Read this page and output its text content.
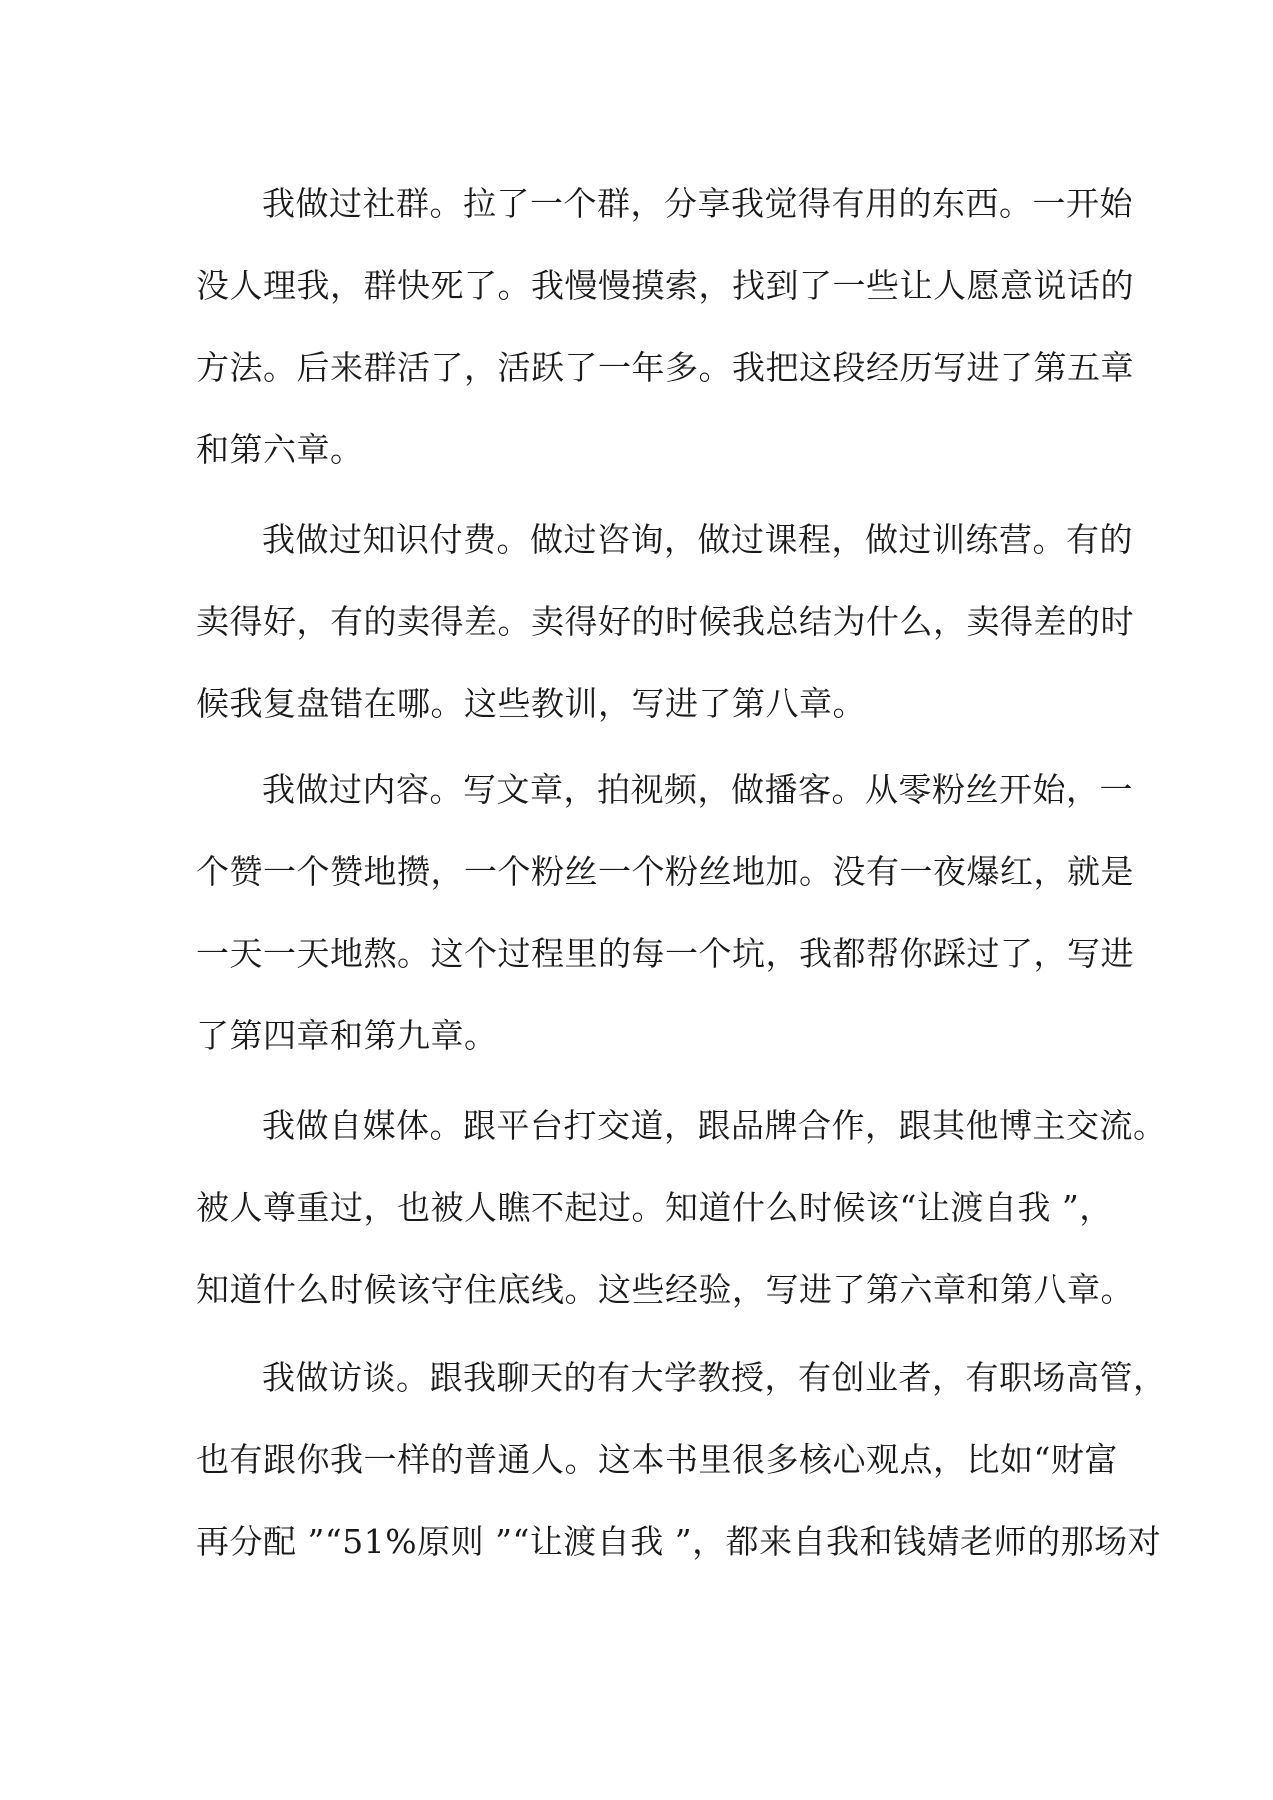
我做过社群。拉了一个群，分享我觉得有用的东西。一开始
没人理我，群快死了。我慢慢摸索，找到了一些让人愿意说话的
方法。后来群活了，活跃了一年多。我把这段经历写进了第五章
和第六章。
我做过知识付费。做过咨询，做过课程，做过训练营。有的
卖得好，有的卖得差。卖得好的时候我总结为什么，卖得差的时
候我复盘错在哪。这些教训，写进了第八章。
我做过内容。写文章，拍视频，做播客。从零粉丝开始，一
个赞一个赞地攒，一个粉丝一个粉丝地加。没有一夜爆红，就是
一天一天地熬。这个过程里的每一个坑，我都帮你踩过了，写进
了第四章和第九章。
我做自媒体。跟平台打交道，跟品牌合作，跟其他博主交流。
被人尊重过，也被人瞧不起过。知道什么时候该“让渡自我 ”，
知道什么时候该守住底线。这些经验，写进了第六章和第八章。
我做访谈。跟我聊天的有大学教授，有创业者，有职场高管，
也有跟你我一样的普通人。这本书里很多核心观点，比如“财富
再分配 ”“51%原则 ”“让渡自我 ”，都来自我和钱婧老师的那场对
